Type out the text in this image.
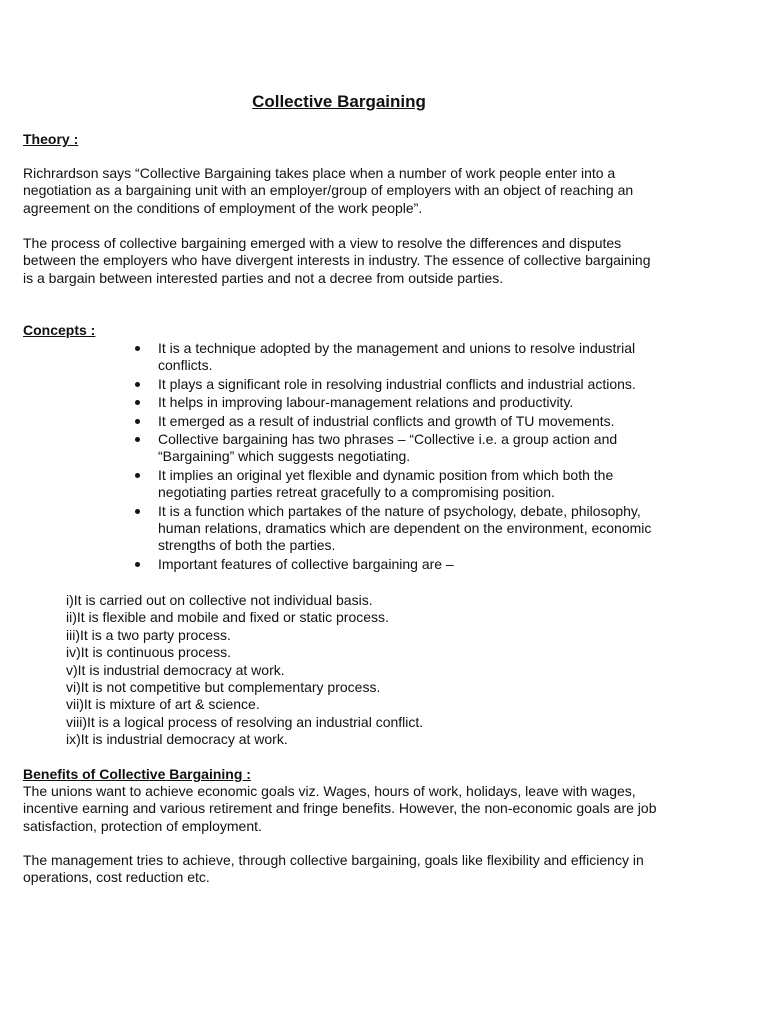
Collective Bargaining
Theory :
Richrardson says “Collective Bargaining takes place when a number of work people enter into a negotiation as a bargaining unit with an employer/group of employers with an object of reaching an agreement on the conditions of employment of the work people”.
The process of collective bargaining emerged with a view to resolve the differences and disputes between the employers who have divergent interests in industry. The essence of collective bargaining is a bargain between interested parties and not a decree from outside parties.
Concepts :
It is a technique adopted by the management and unions to resolve industrial conflicts.
It plays a significant role in resolving industrial conflicts and industrial actions.
It helps in improving labour-management relations and productivity.
It emerged as a result of industrial conflicts and growth of TU movements.
Collective bargaining has two phrases – “Collective i.e. a group action and “Bargaining” which suggests negotiating.
It implies an original yet flexible and dynamic position from which both the negotiating parties retreat gracefully to a compromising position.
It is a function which partakes of the nature of psychology, debate, philosophy, human relations, dramatics which are dependent on the environment, economic strengths of both the parties.
Important features of collective bargaining are –
i)It is carried out on collective not individual basis.
ii)It is flexible and mobile and fixed or static process.
iii)It is a two party process.
iv)It is continuous process.
v)It is industrial democracy at work.
vi)It is not competitive but complementary process.
vii)It is mixture of art & science.
viii)It is a logical process of resolving an industrial conflict.
ix)It is industrial democracy at work.
Benefits of Collective Bargaining :
The unions want to achieve economic goals viz. Wages, hours of work, holidays, leave with wages, incentive earning and various retirement and fringe benefits. However, the non-economic goals are job satisfaction, protection of employment.
The management tries to achieve, through collective bargaining, goals like flexibility and efficiency in operations, cost reduction etc.
